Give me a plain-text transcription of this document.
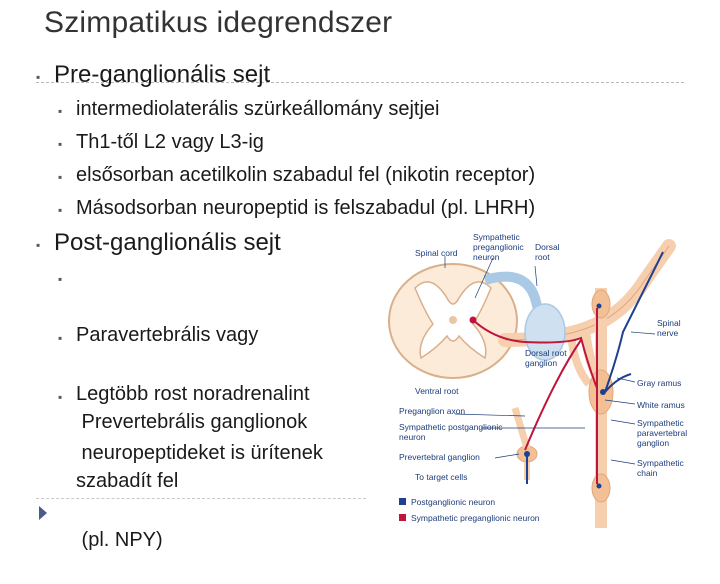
Szimpatikus idegrendszer
▪ Pre-ganglionális sejt
▪ intermediolaterális szürkeállomány sejtjei
▪ Th1-től L2 vagy L3-ig
▪ elsősorban acetilkolin szabadul fel (nikotin receptor)
▪ Másodsorban neuropeptid is felszabadul (pl. LHRH)
▪ Post-ganglionális sejt
▪

Paravertebrális vagy

Prevertebrális ganglionok

▪

Legtöbb rost noradrenalint

szabadít fel

▪

neuropeptideket is ürítenek

(pl. NPY)

Spinal cord
Sympathetic
preganglionic
neuron
Dorsal
root
Dorsal root
ganglion
Ventral root
Preganglion axon
Sympathetic postganglionic
neuron
Prevertebral ganglion
To target cells
Spinal
nerve
Gray ramus
White ramus
Sympathetic
paravertebral
ganglion
Sympathetic
chain
Postganglionic neuron
Sympathetic preganglionic neuron
